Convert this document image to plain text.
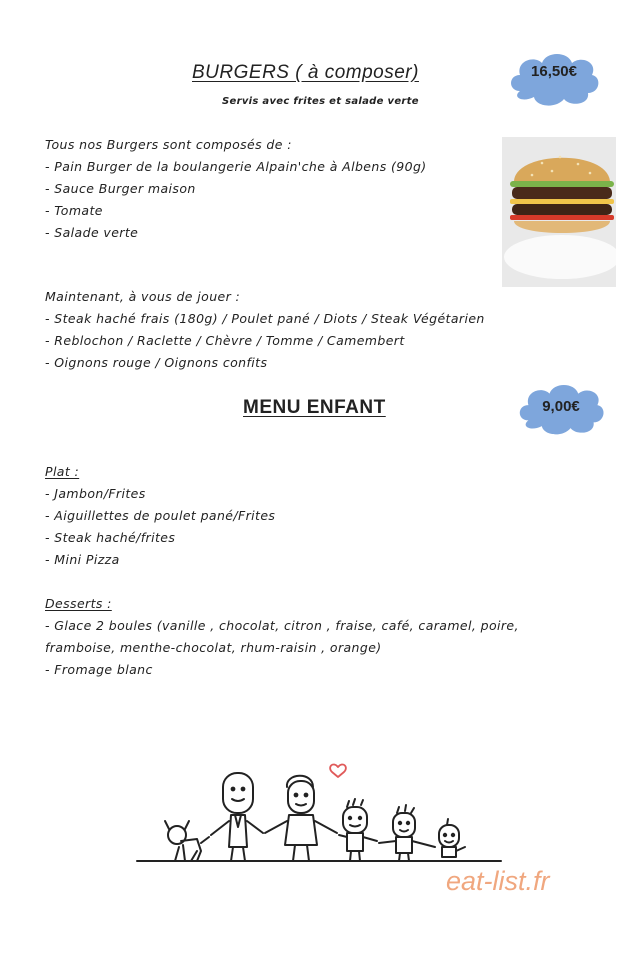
BURGERS ( à composer)
Servis avec frites et salade verte
16,50€
Tous nos Burgers sont composés de :
- Pain Burger de la boulangerie Alpain'che à Albens (90g)
- Sauce Burger maison
- Tomate
- Salade verte
Maintenant, à vous de jouer :
- Steak haché frais (180g) / Poulet pané / Diots / Steak Végétarien
- Reblochon / Raclette / Chèvre / Tomme / Camembert
- Oignons rouge / Oignons confits
MENU ENFANT	9,00€
Plat :
- Jambon/Frites
- Aiguillettes de poulet pané/Frites
- Steak haché/frites
- Mini Pizza
Desserts :
- Glace 2 boules (vanille , chocolat, citron , fraise, café, caramel, poire,
framboise, menthe-chocolat, rhum-raisin , orange)
- Fromage blanc
eat-list.fr
